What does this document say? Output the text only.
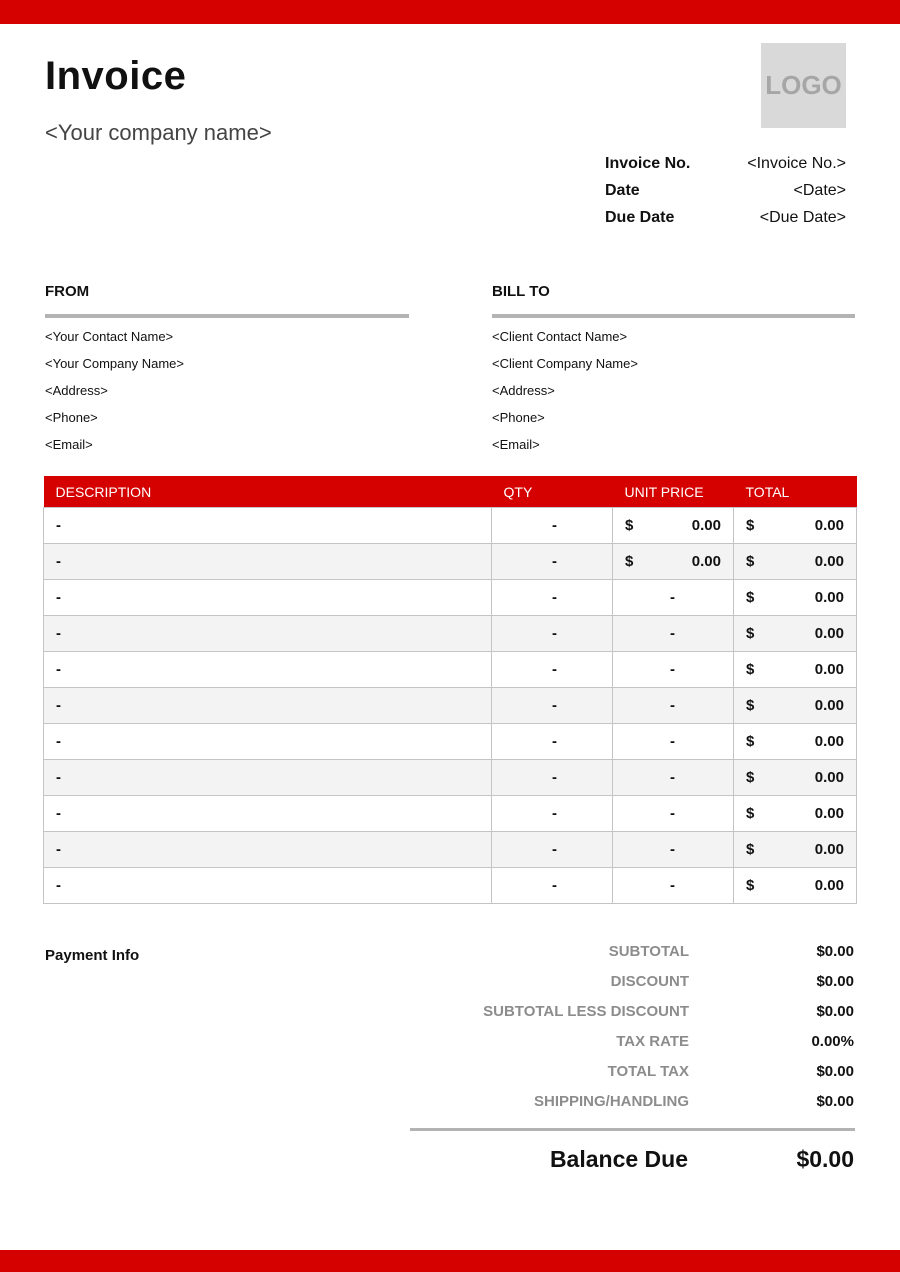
Invoice
<Your company name>
LOGO
Invoice No.	<Invoice No.>
Date	<Date>
Due Date	<Due Date>
FROM	BILL TO
<Your Contact Name>
<Your Company Name>
<Address>
<Phone>
<Email>
<Client Contact Name>
<Client Company Name>
<Address>
<Phone>
<Email>
DESCRIPTION	QTY	UNIT PRICE	TOTAL
-	-	$ 0.00	$ 0.00

-	-	$ 0.00	$ 0.00

-	-	-	$ 0.00

-	-	-	$ 0.00

-	-	-	$ 0.00

-	-	-	$ 0.00

-	-	-	$ 0.00

-	-	-	$ 0.00

-	-	-	$ 0.00

-	-	-	$ 0.00

-	-	-	$ 0.00
Payment Info	SUBTOTAL	$0.00
DISCOUNT	$0.00
SUBTOTAL LESS DISCOUNT	$0.00
TAX RATE	0.00%
TOTAL TAX	$0.00
SHIPPING/HANDLING	$0.00
Balance Due	$0.00
